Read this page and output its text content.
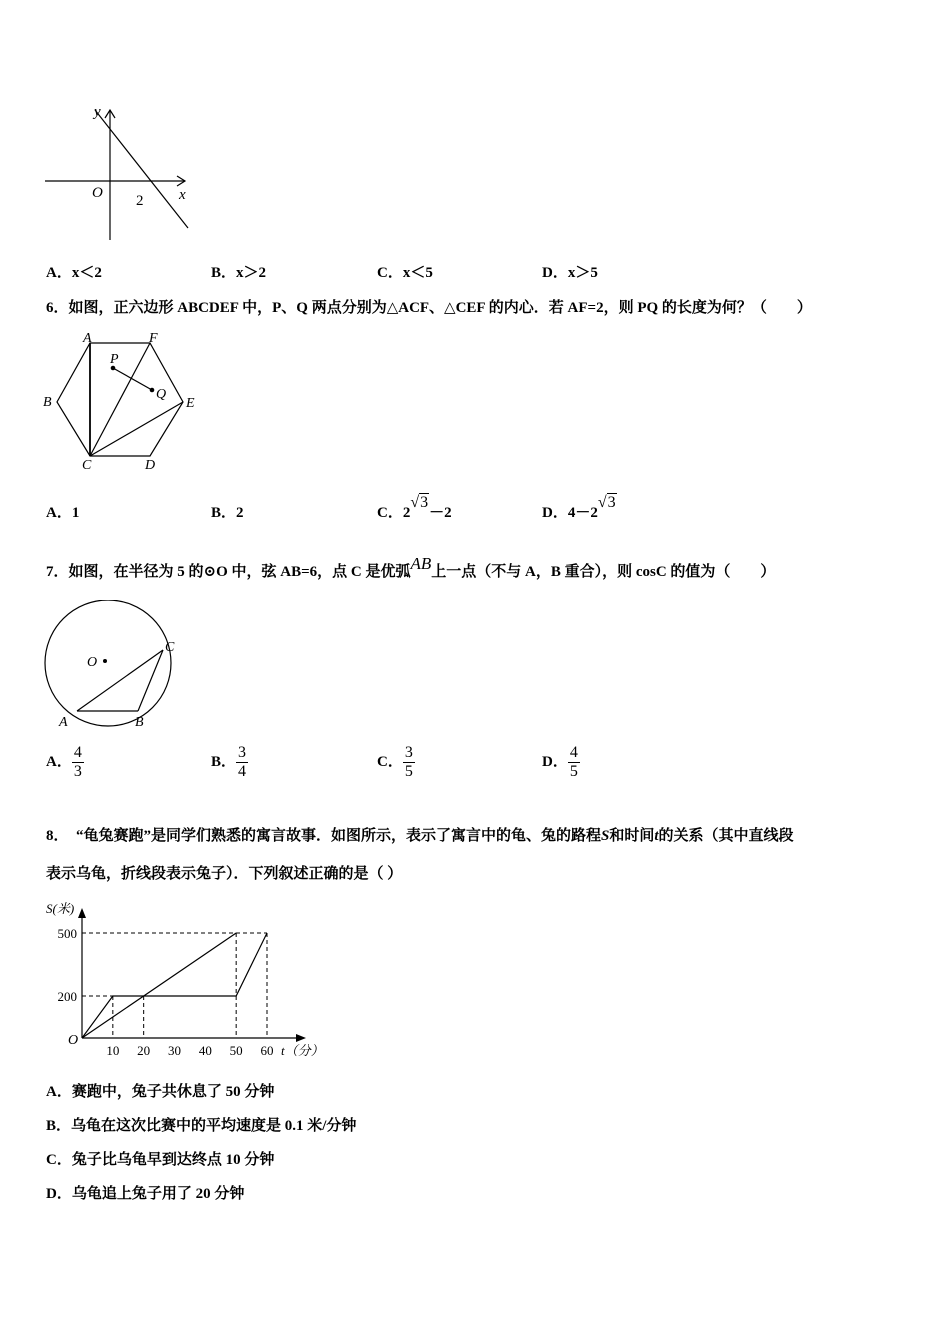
y
x
O 2
A．x＜2	B．x＞2	C．x＜5	D．x＞5
6．如图，正六边形 ABCDEF 中，P、Q 两点分别为△ACF、△CEF 的内心．若 AF=2，则 PQ 的长度为何？（　　）
A	F
P
Q
B	E
C	D
A．1	B．2	C．2√3－2	D．4－2√3
7．如图，在半径为 5 的⊙O 中，弦 AB=6，点 C 是优弧AB上一点（不与 A，B 重合），则 cosC 的值为（　　）
O
C
A	B
A． $\frac{4}{3}$	B． $\frac{3}{4}$	C． $\frac{3}{5}$	D． $\frac{4}{5}$
8．　“龟兔赛跑”是同学们熟悉的寓言故事．如图所示，表示了寓言中的龟、兔的路程S和时间t的关系（其中直线段
表示乌龟，折线段表示兔子）．下列叙述正确的是（ ）
10 20 30 40 50 60
200
500
O
S(米)
t（分）
A．赛跑中，兔子共休息了 50 分钟
B．乌龟在这次比赛中的平均速度是 0.1 米/分钟
C．兔子比乌龟早到达终点 10 分钟
D．乌龟追上兔子用了 20 分钟
